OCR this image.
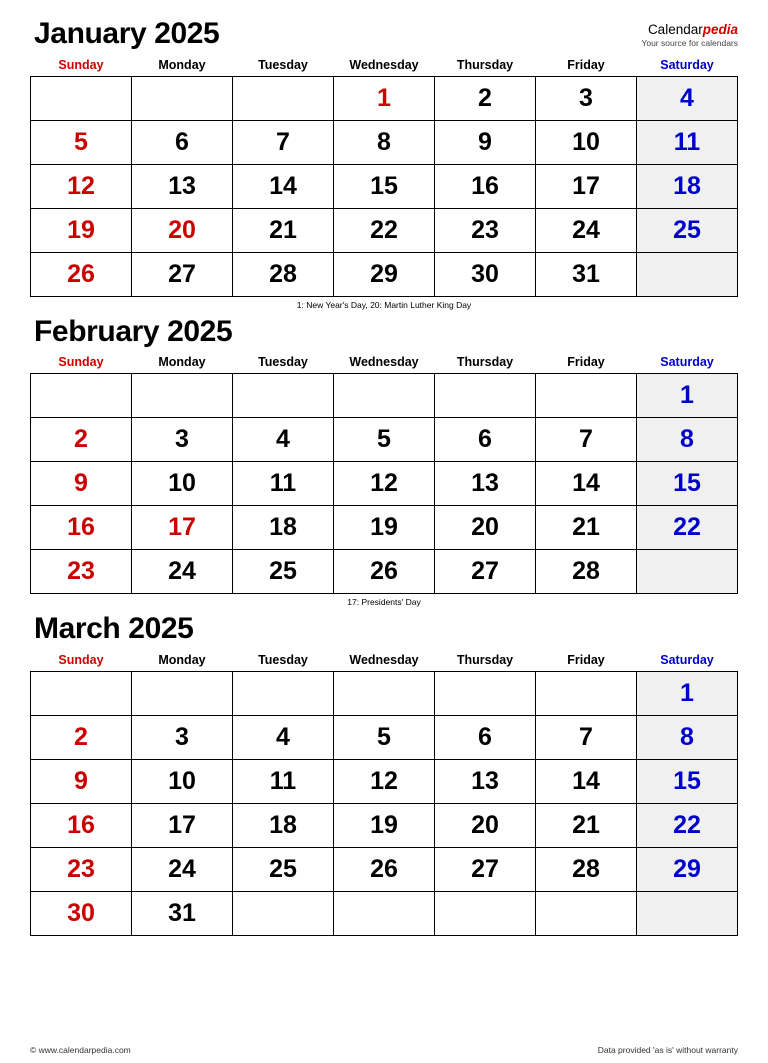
Calendarpedia
Your source for calendars
January 2025
Sunday	Monday	Tuesday	Wednesday	Thursday	Friday	Saturday
			1	2	3	4
5	6	7	8	9	10	11
12	13	14	15	16	17	18
19	20	21	22	23	24	25
26	27	28	29	30	31	
1: New Year's Day, 20: Martin Luther King Day
February 2025
Sunday	Monday	Tuesday	Wednesday	Thursday	Friday	Saturday
						1
2	3	4	5	6	7	8
9	10	11	12	13	14	15
16	17	18	19	20	21	22
23	24	25	26	27	28	
17: Presidents' Day
March 2025
Sunday	Monday	Tuesday	Wednesday	Thursday	Friday	Saturday
						1
2	3	4	5	6	7	8
9	10	11	12	13	14	15
16	17	18	19	20	21	22
23	24	25	26	27	28	29
30	31					
© www.calendarpedia.com	Data provided 'as is' without warranty
